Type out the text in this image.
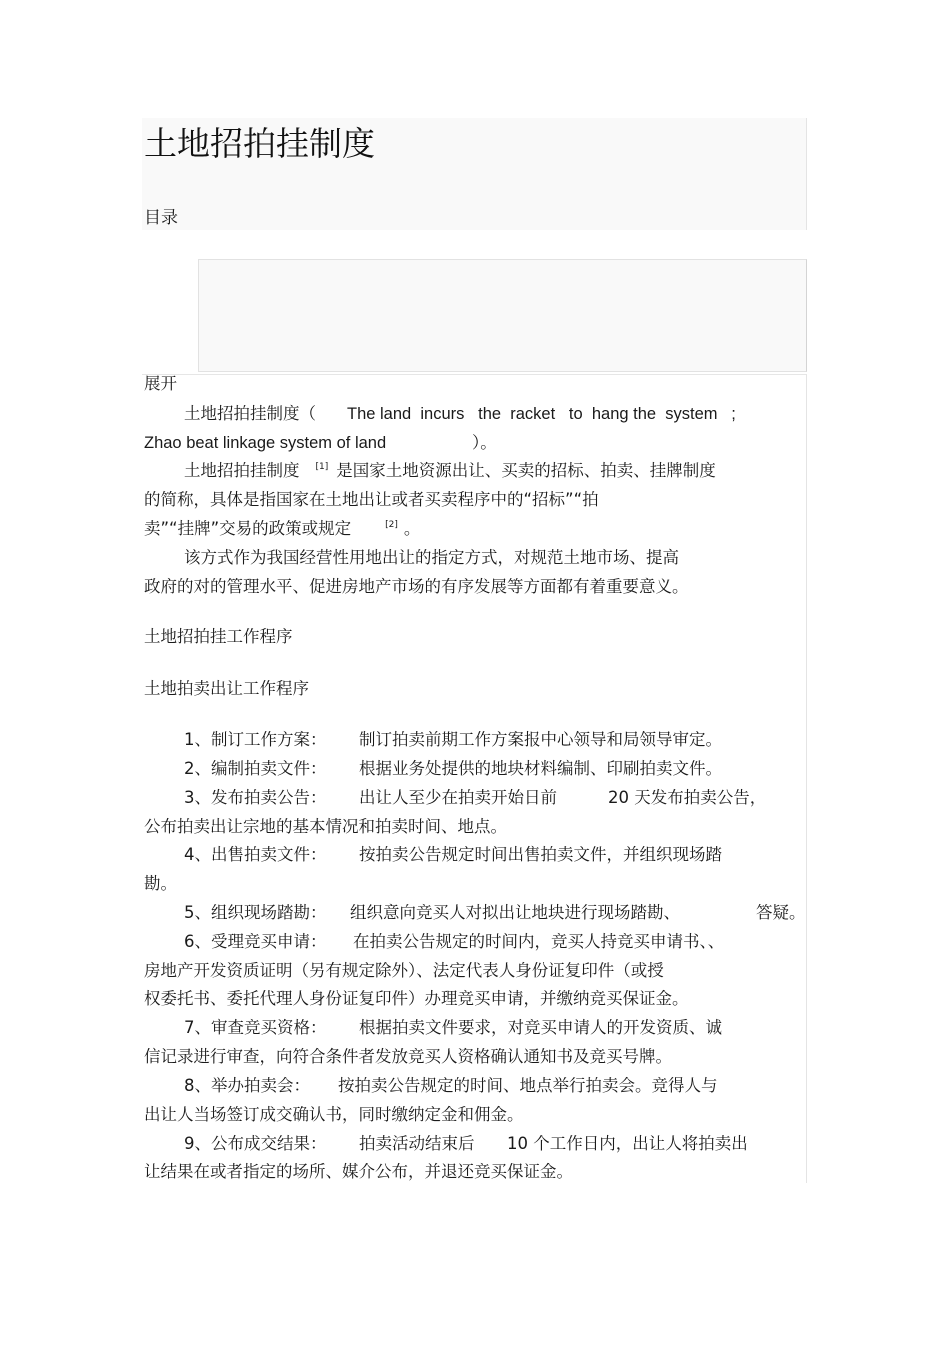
土地招拍挂制度
目录
展开
土地招拍挂制度（ The land  incurs   the  racket   to  hang the  system   ;
Zhao beat linkage system of land	）。
土地招拍挂制度 [1] 是国家土地资源出让、买卖的招标、拍卖、挂牌制度
的简称，具体是指国家在土地出让或者买卖程序中的“招标”“拍
卖”“挂牌”交易的政策或规定	[2] 。
该方式作为我国经营性用地出让的指定方式，对规范土地市场、提高
政府的对的管理水平、促进房地产市场的有序发展等方面都有着重要意义。
土地招拍挂工作程序
土地拍卖出让工作程序
1、制订工作方案： 制订拍卖前期工作方案报中心领导和局领导审定。
2、编制拍卖文件： 根据业务处提供的地块材料编制、印刷拍卖文件。
3、发布拍卖公告： 出让人至少在拍卖开始日前	20 天发布拍卖公告，
公布拍卖出让宗地的基本情况和拍卖时间、地点。
4、出售拍卖文件： 按拍卖公告规定时间出售拍卖文件，并组织现场踏
勘。
5、组织现场踏勘： 组织意向竞买人对拟出让地块进行现场踏勘、	答疑。
6、受理竞买申请： 在拍卖公告规定的时间内，竞买人持竞买申请书、、
房地产开发资质证明（另有规定除外）、法定代表人身份证复印件（或授
权委托书、委托代理人身份证复印件）办理竞买申请，并缴纳竞买保证金。
7、审查竞买资格： 根据拍卖文件要求，对竞买申请人的开发资质、诚
信记录进行审查，向符合条件者发放竞买人资格确认通知书及竞买号牌。
8、举办拍卖会： 按拍卖公告规定的时间、地点举行拍卖会。竞得人与
出让人当场签订成交确认书，同时缴纳定金和佣金。
9、公布成交结果： 拍卖活动结束后 10 个工作日内，出让人将拍卖出
让结果在或者指定的场所、媒介公布，并退还竞买保证金。
